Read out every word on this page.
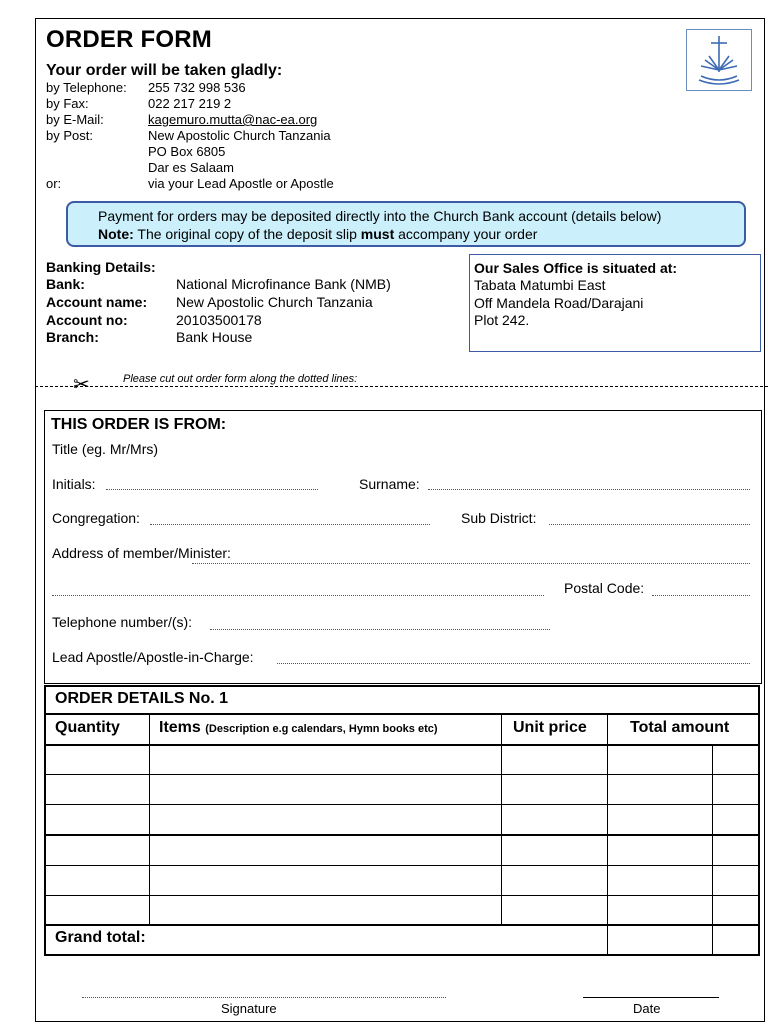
ORDER FORM
Your order will be taken gladly:
by Telephone: 255 732 998 536
by Fax:	022 217 219 2
by E-Mail:	kagemuro.mutta@nac-ea.org
by Post:	New Apostolic Church Tanzania
PO Box 6805
Dar es Salaam
or:	via your Lead Apostle or Apostle
Payment for orders may be deposited directly into the Church Bank account (details below)
Note: The original copy of the deposit slip must accompany your order
Banking Details:
Bank:	National Microfinance Bank (NMB)
Account name: New Apostolic Church Tanzania
Account no:	20103500178
Branch:	Bank House
Our Sales Office is situated at:
Tabata Matumbi East
Off Mandela Road/Darajani
Plot 242.
✂	Please cut out order form along the dotted lines:
THIS ORDER IS FROM:
Title (eg. Mr/Mrs)
Initials:	Surname:
Congregation:	Sub District:
Address of member/Minister:
Postal Code:
Telephone number/(s):
Lead Apostle/Apostle-in-Charge:
ORDER DETAILS No. 1
Quantity Items (Description e.g calendars, Hymn books etc)	Unit price	Total amount
Grand total:
Signature	Date
